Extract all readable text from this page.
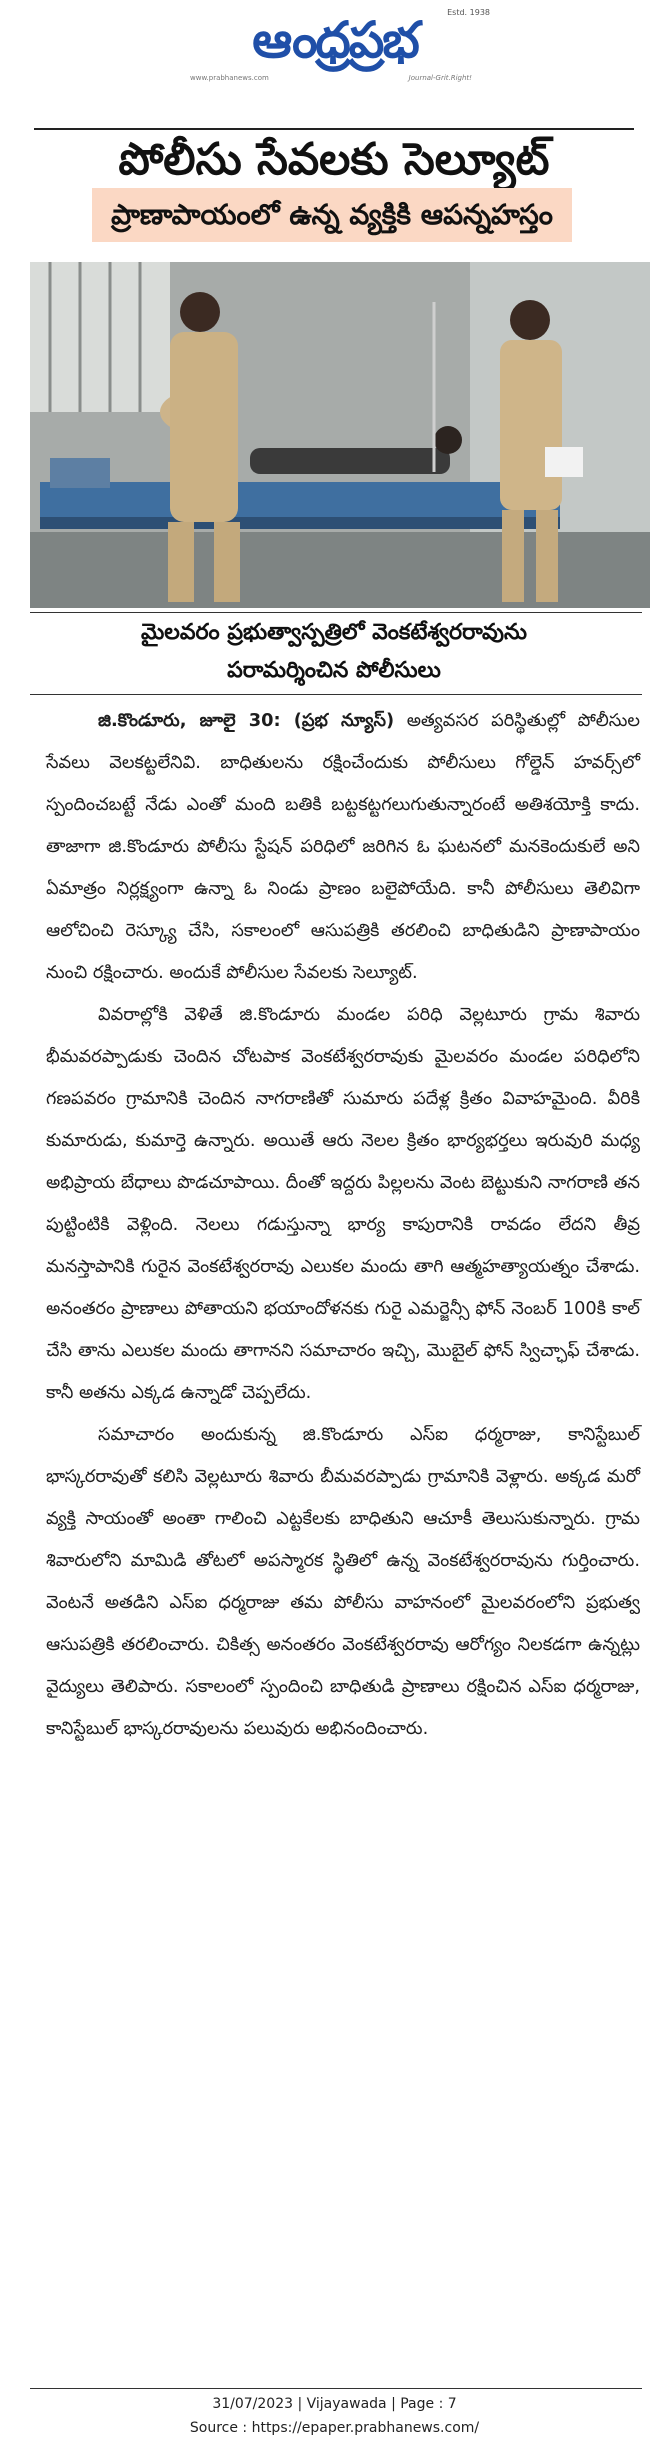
ఆంధ్రప్రభ	Estd. 1938
www.prabhanews.com	Journal-Grit.Right!
పోలీసు సేవలకు సెల్యూట్
ప్రాణాపాయంలో ఉన్న వ్యక్తికి ఆపన్నహస్తం
మైలవరం ప్రభుత్వాస్పత్రిలో వెంకటేశ్వరరావును
పరామర్శించిన పోలీసులు

జి.కొండూరు, జూలై 30: (ప్రభ న్యూస్) అత్యవసర పరిస్థితుల్లో పోలీసుల సేవలు వెలకట్టలేనివి. బాధితులను రక్షించేందుకు పోలీసులు గోల్డెన్ హవర్స్‌లో స్పందించబట్టే నేడు ఎంతో మంది బతికి బట్టకట్టగలుగుతున్నారంటే అతిశయోక్తి కాదు. తాజాగా జి.కొండూరు పోలీసు స్టేషన్ పరిధిలో జరిగిన ఓ ఘటనలో మనకెందుకులే అని ఏమాత్రం నిర్లక్ష్యంగా ఉన్నా ఓ నిండు ప్రాణం బలైపోయేది. కానీ పోలీసులు తెలివిగా ఆలోచించి రెస్క్యూ చేసి, సకాలంలో ఆసుపత్రికి తరలించి బాధితుడిని ప్రాణాపాయం నుంచి రక్షించారు. అందుకే పోలీసుల సేవలకు సెల్యూట్.

వివరాల్లోకి వెళితే జి.కొండూరు మండల పరిధి వెల్లటూరు గ్రామ శివారు భీమవరప్పాడుకు చెందిన చోటపాక వెంకటేశ్వరరావుకు మైలవరం మండల పరిధిలోని గణపవరం గ్రామానికి చెందిన నాగరాణితో సుమారు పదేళ్ల క్రితం వివాహమైంది. వీరికి కుమారుడు, కుమార్తె ఉన్నారు. అయితే ఆరు నెలల క్రితం భార్యభర్తలు ఇరువురి మధ్య అభిప్రాయ బేధాలు పొడచూపాయి. దీంతో ఇద్దరు పిల్లలను వెంట బెట్టుకుని నాగరాణి తన పుట్టింటికి వెళ్లింది. నెలలు గడుస్తున్నా భార్య కాపురానికి రావడం లేదని తీవ్ర మనస్తాపానికి గురైన వెంకటేశ్వరరావు ఎలుకల మందు తాగి ఆత్మహత్యాయత్నం చేశాడు. అనంతరం ప్రాణాలు పోతాయని భయాందోళనకు గురై ఎమర్జెన్సీ ఫోన్ నెంబర్ 100కి కాల్ చేసి తాను ఎలుకల మందు తాగానని సమాచారం ఇచ్చి, మొబైల్ ఫోన్ స్విచ్ఛాఫ్ చేశాడు. కానీ అతను ఎక్కడ ఉన్నాడో చెప్పలేదు.

సమాచారం అందుకున్న జి.కొండూరు ఎస్ఐ ధర్మరాజు, కానిస్టేబుల్ భాస్కరరావుతో కలిసి వెల్లటూరు శివారు బీమవరప్పాడు గ్రామానికి వెళ్లారు. అక్కడ మరో వ్యక్తి సాయంతో అంతా గాలించి ఎట్టకేలకు బాధితుని ఆచూకీ తెలుసుకున్నారు. గ్రామ శివారులోని మామిడి తోటలో అపస్మారక స్థితిలో ఉన్న వెంకటేశ్వరరావును గుర్తించారు. వెంటనే అతడిని ఎస్ఐ ధర్మరాజు తమ పోలీసు వాహనంలో మైలవరంలోని ప్రభుత్వ ఆసుపత్రికి తరలించారు. చికిత్స అనంతరం వెంకటేశ్వరరావు ఆరోగ్యం నిలకడగా ఉన్నట్లు వైద్యులు తెలిపారు. సకాలంలో స్పందించి బాధితుడి ప్రాణాలు రక్షించిన ఎస్ఐ ధర్మరాజు, కానిస్టేబుల్ భాస్కరరావులను పలువురు అభినందించారు.

31/07/2023 | Vijayawada | Page : 7
Source : https://epaper.prabhanews.com/
